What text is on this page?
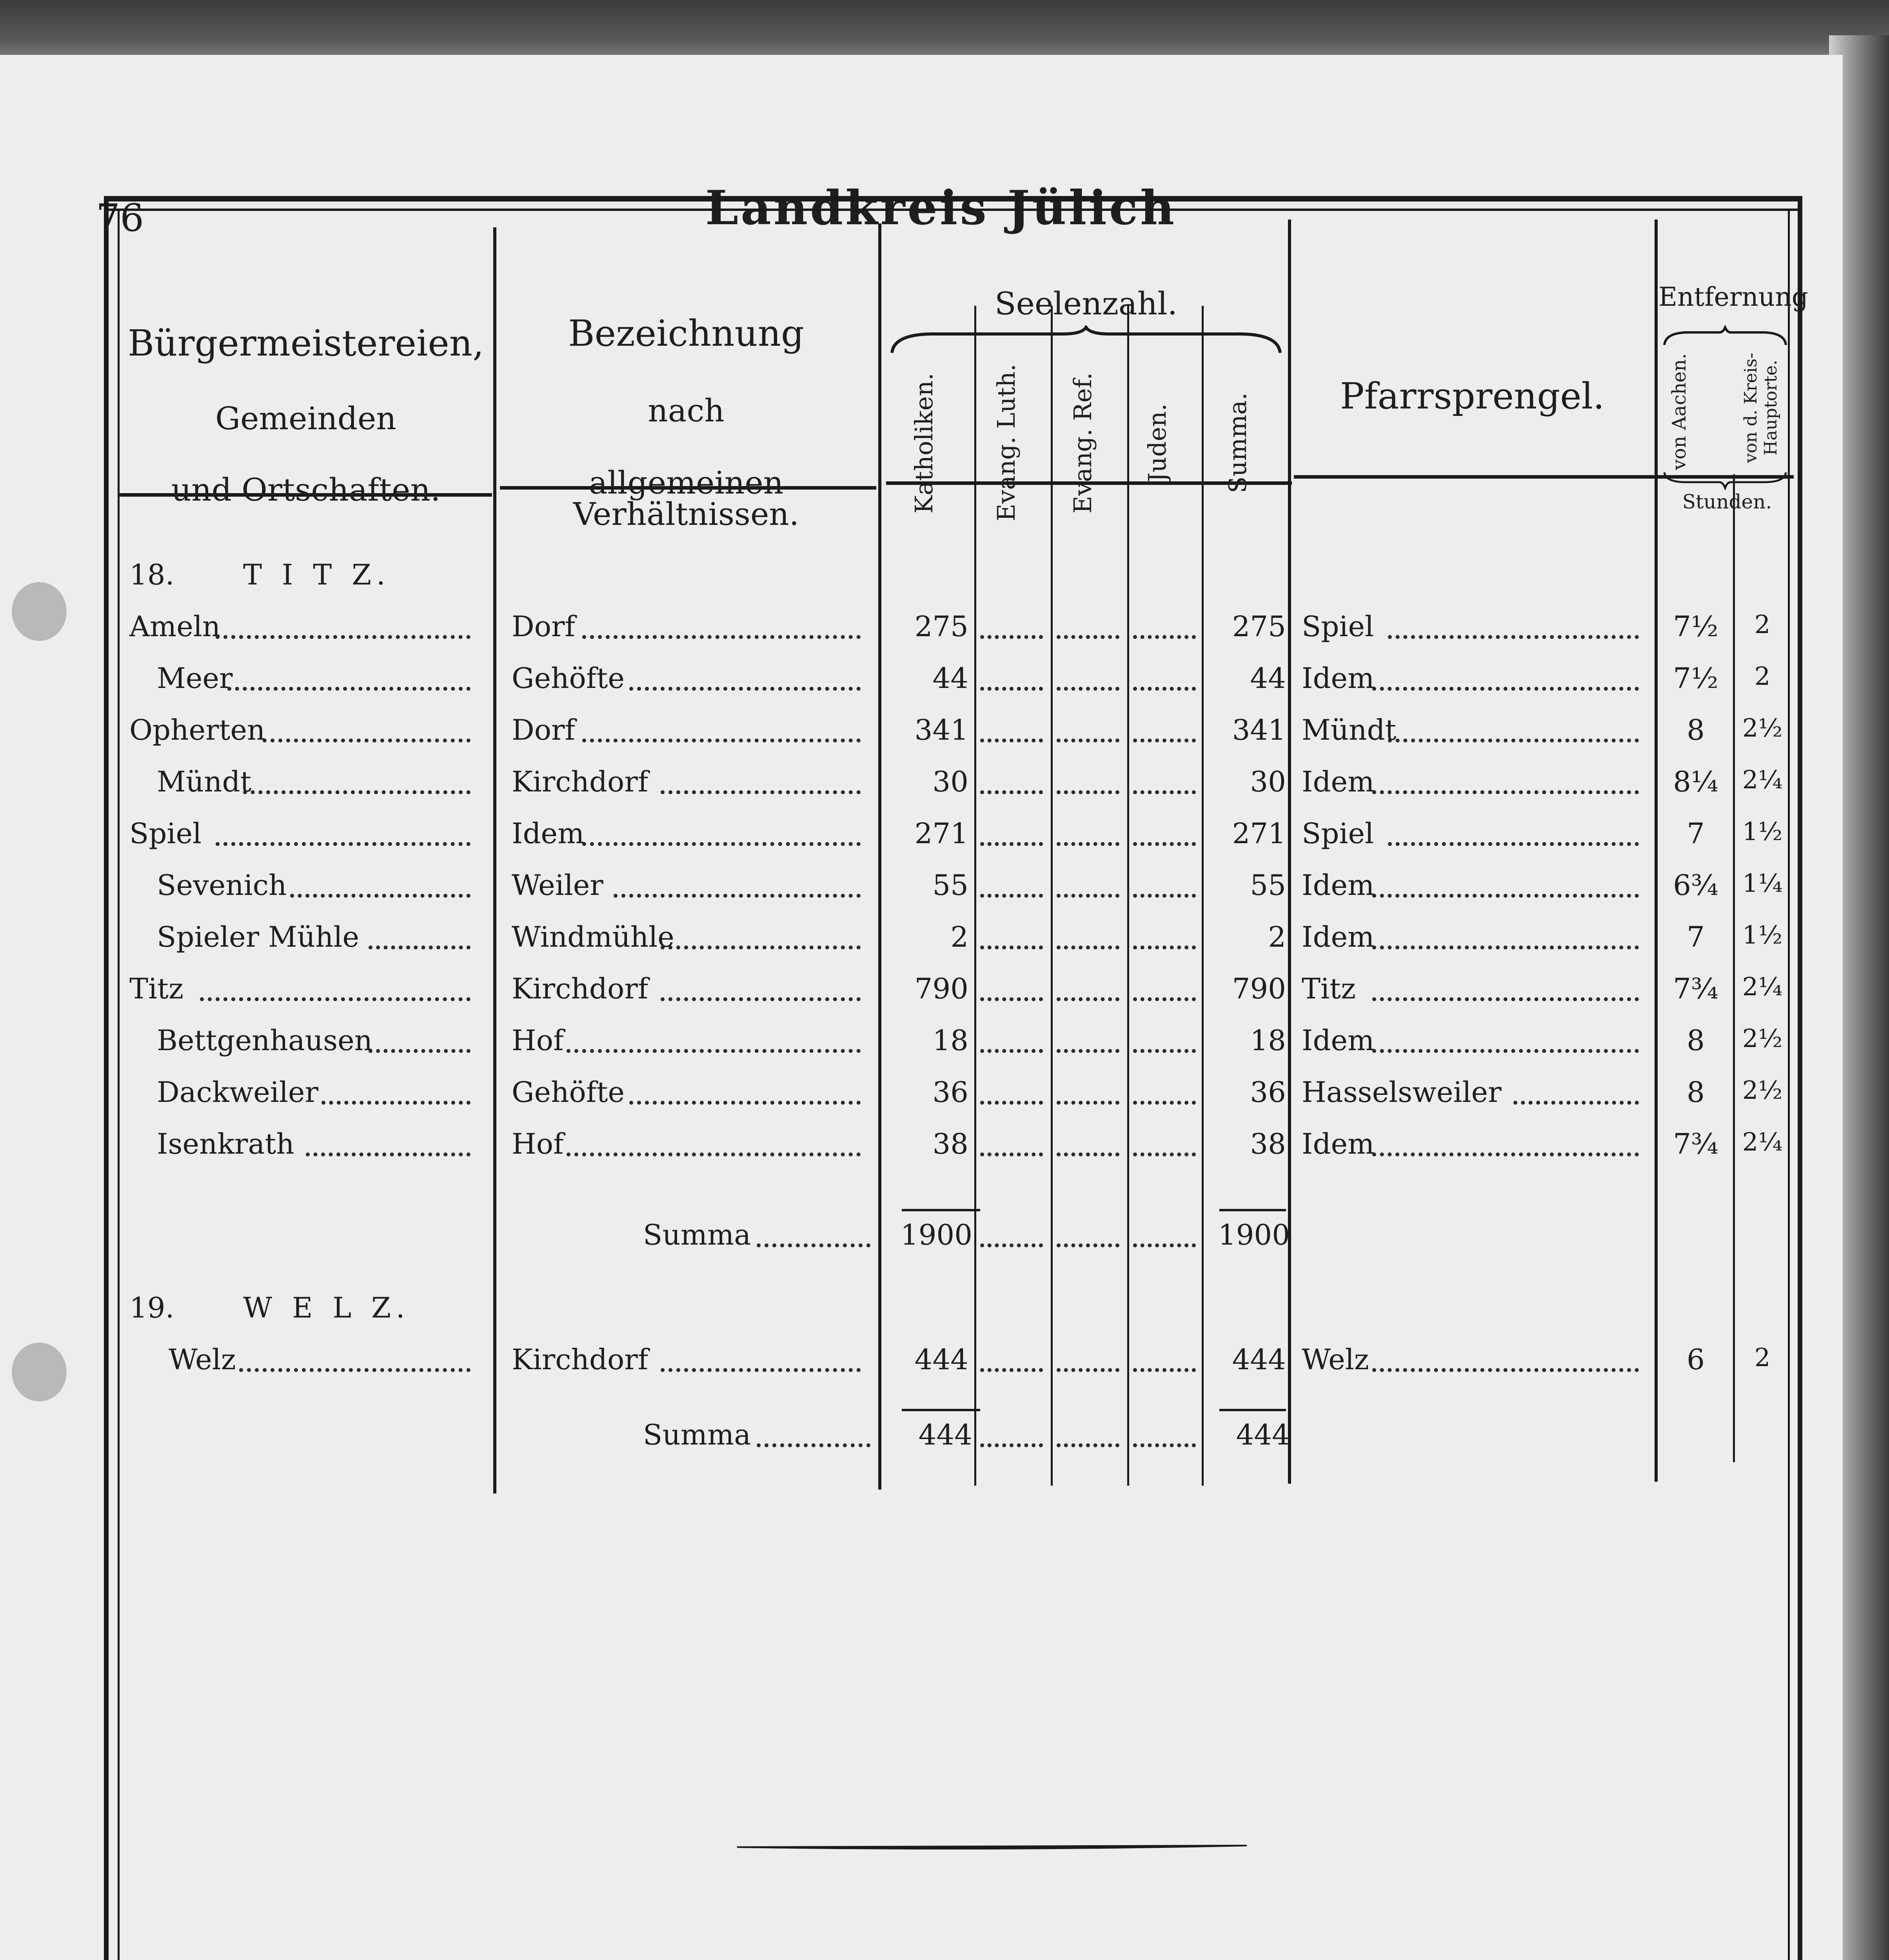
76	Landkreis Jülich
Bürgermeistereien,
Gemeinden
und Ortschaften.
Bezeichnung
nach
allgemeinen Verhältnissen.
Seelenzahl.
Katholiken.	Evang. Luth.	Evang. Ref.	Juden.	Summa.	Pfarrsprengel.
Entfernung
von Aachen.	von d. Kreis-Hauptorte.
Stunden.
18. T I T Z.
Ameln	Dorf	275	275 Spiel	7½	2
Meer	Gehöfte	44	44 Idem	7½	2
Opherten	Dorf	341	341 Mündt	8	2½
Mündt	Kirchdorf	30	30 Idem	8¼ 2¼
Spiel	Idem	271	271 Spiel	7	1½
Sevenich	Weiler	55	55 Idem	6¾ 1¼
Spieler Mühle	Windmühle	2	2 Idem	7	1½
Titz	Kirchdorf	790	790 Titz	7¾ 2¼
Bettgenhausen	Hof	18	18 Idem	8	2½
Dackweiler	Gehöfte	36	36 Hasselsweiler	8	2½
Isenkrath	Hof	38	38 Idem	7¾ 2¼
Summa	1900	1900
19. W E L Z.
Welz	Kirchdorf	444	444 Welz	6	2
Summa	444	444
